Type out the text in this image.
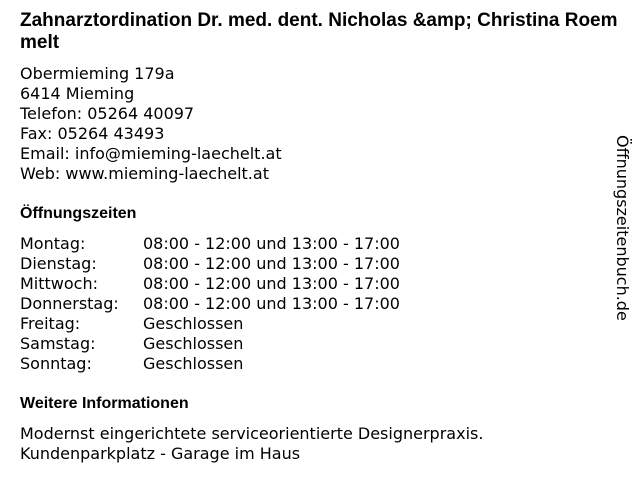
Zahnarztordination Dr. med. dent. Nicholas &amp; Christina Roemmelt
Obermieming 179a
6414 Mieming
Telefon: 05264 40097
Fax: 05264 43493
Email: info@mieming-laechelt.at
Web: www.mieming-laechelt.at
Öffnungszeiten
Montag:	08:00 - 12:00 und 13:00 - 17:00
Dienstag:	08:00 - 12:00 und 13:00 - 17:00
Mittwoch:	08:00 - 12:00 und 13:00 - 17:00
Donnerstag:	08:00 - 12:00 und 13:00 - 17:00
Freitag:	Geschlossen
Samstag:	Geschlossen
Sonntag:	Geschlossen
Weitere Informationen

Modernst eingerichtete serviceorientierte Designerpraxis.

Kundenparkplatz - Garage im Haus

Öffnungszeitenbuch.de
